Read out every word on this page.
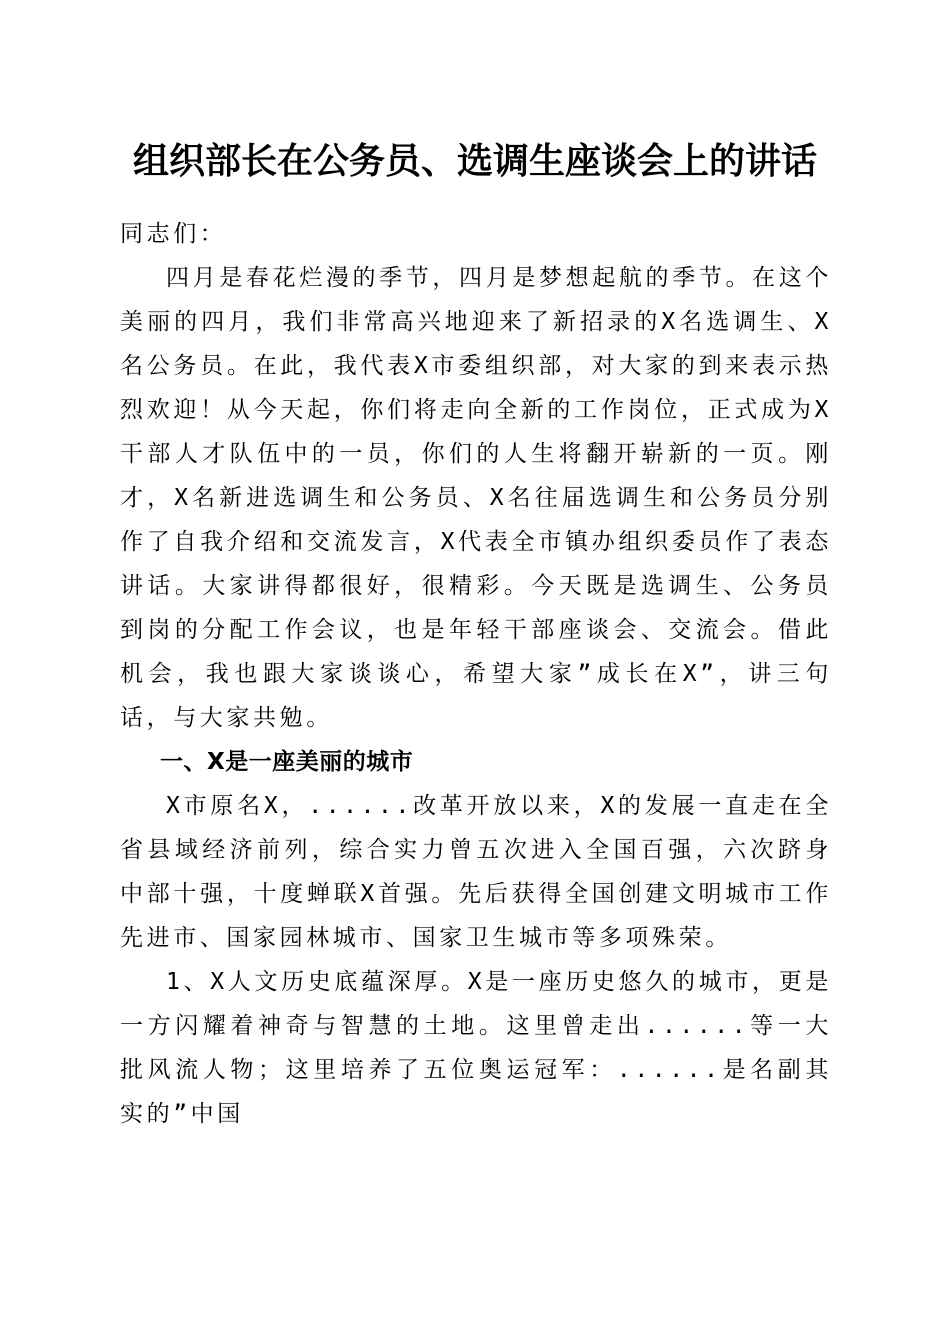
组织部长在公务员、选调生座谈会上的讲话

同志们：

四月是春花烂漫的季节，四月是梦想起航的季节。在这个美丽的四月，我们非常高兴地迎来了新招录的X名选调生、X名公务员。在此，我代表X市委组织部，对大家的到来表示热烈欢迎！从今天起，你们将走向全新的工作岗位，正式成为X干部人才队伍中的一员，你们的人生将翻开崭新的一页。刚才，X名新进选调生和公务员、X名往届选调生和公务员分别作了自我介绍和交流发言，X代表全市镇办组织委员作了表态讲话。大家讲得都很好，很精彩。今天既是选调生、公务员到岗的分配工作会议，也是年轻干部座谈会、交流会。借此机会，我也跟大家谈谈心，希望大家”成长在X”，讲三句话，与大家共勉。

一、X是一座美丽的城市

X市原名X，......改革开放以来，X的发展一直走在全省县域经济前列，综合实力曾五次进入全国百强，六次跻身中部十强，十度蝉联X首强。先后获得全国创建文明城市工作先进市、国家园林城市、国家卫生城市等多项殊荣。

1、X人文历史底蕴深厚。X是一座历史悠久的城市，更是一方闪耀着神奇与智慧的土地。这里曾走出......等一大批风流人物；这里培养了五位奥运冠军：......是名副其实的”中国
